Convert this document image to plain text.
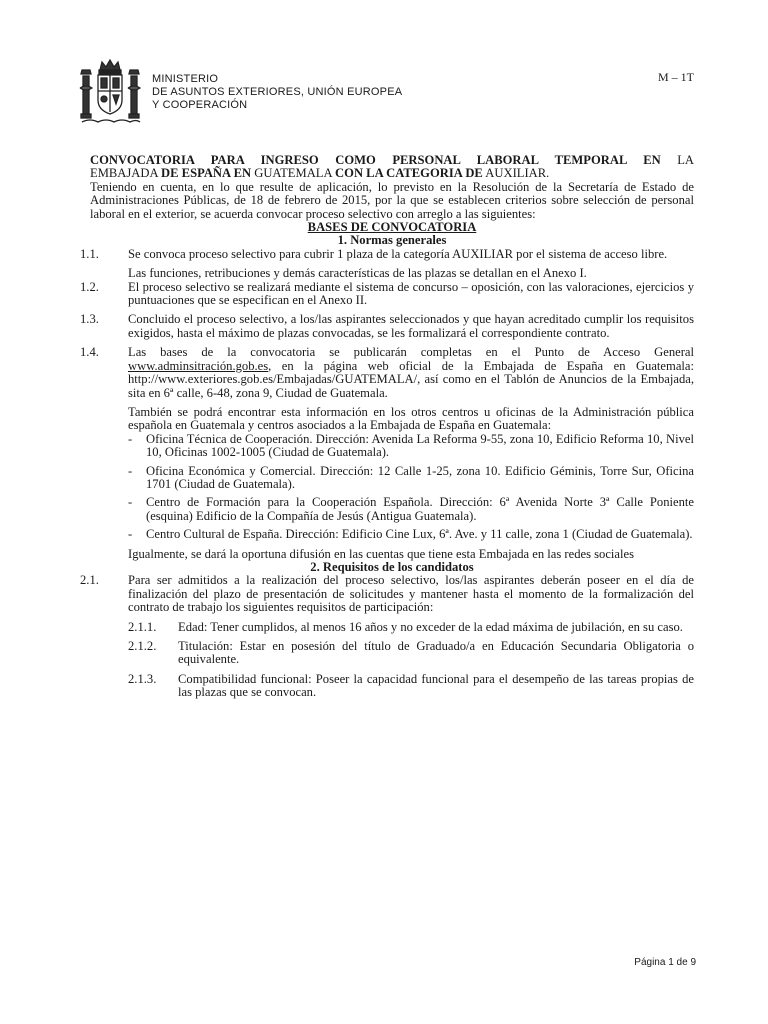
MINISTERIO
DE ASUNTOS EXTERIORES, UNIÓN EUROPEA
Y COOPERACIÓN
M – 1T

CONVOCATORIA PARA INGRESO COMO PERSONAL LABORAL TEMPORAL EN LA

EMBAJADA DE ESPAÑA EN GUATEMALA CON LA CATEGORIA DE AUXILIAR.

Teniendo en cuenta, en lo que resulte de aplicación, lo previsto en la Resolución de la Secretaría de Estado de Administraciones Públicas, de 18 de febrero de 2015, por la que se establecen criterios sobre selección de personal laboral en el exterior, se acuerda convocar proceso selectivo con arreglo a las siguientes:

BASES DE CONVOCATORIA

1. Normas generales

1.1. Se convoca proceso selectivo para cubrir 1 plaza de la categoría AUXILIAR por el sistema de acceso libre.

Las funciones, retribuciones y demás características de las plazas se detallan en el Anexo I.

1.2. El proceso selectivo se realizará mediante el sistema de concurso – oposición, con las valoraciones, ejercicios y puntuaciones que se especifican en el Anexo II.
1.3. Concluido el proceso selectivo, a los/las aspirantes seleccionados y que hayan acreditado cumplir los requisitos exigidos, hasta el máximo de plazas convocadas, se les formalizará el correspondiente contrato.
1.4. Las bases de la convocatoria se publicarán completas en el Punto de Acceso General www.adminsitración.gob.es, en la página web oficial de la Embajada de España en Guatemala: http://www.exteriores.gob.es/Embajadas/GUATEMALA/, así como en el Tablón de Anuncios de la Embajada, sita en 6ª calle, 6-48, zona 9, Ciudad de Guatemala.

También se podrá encontrar esta información en los otros centros u oficinas de la Administración pública española en Guatemala y centros asociados a la Embajada de España en Guatemala:

- Oficina Técnica de Cooperación. Dirección: Avenida La Reforma 9-55, zona 10, Edificio Reforma 10, Nivel 10, Oficinas 1002-1005 (Ciudad de Guatemala).
- Oficina Económica y Comercial. Dirección: 12 Calle 1-25, zona 10. Edificio Géminis, Torre Sur, Oficina 1701 (Ciudad de Guatemala).
- Centro de Formación para la Cooperación Española. Dirección: 6ª Avenida Norte 3ª Calle Poniente (esquina) Edificio de la Compañía de Jesús (Antigua Guatemala).
- Centro Cultural de España. Dirección: Edificio Cine Lux, 6ª. Ave. y 11 calle, zona 1 (Ciudad de Guatemala).

Igualmente, se dará la oportuna difusión en las cuentas que tiene esta Embajada en las redes sociales

2. Requisitos de los candidatos

2.1. Para ser admitidos a la realización del proceso selectivo, los/las aspirantes deberán poseer en el día de finalización del plazo de presentación de solicitudes y mantener hasta el momento de la formalización del contrato de trabajo los siguientes requisitos de participación:
2.1.1. Edad: Tener cumplidos, al menos 16 años y no exceder de la edad máxima de jubilación, en su caso.
2.1.2. Titulación: Estar en posesión del título de Graduado/a en Educación Secundaria Obligatoria o equivalente.
2.1.3. Compatibilidad funcional: Poseer la capacidad funcional para el desempeño de las tareas propias de las plazas que se convocan.
Página 1 de 9
